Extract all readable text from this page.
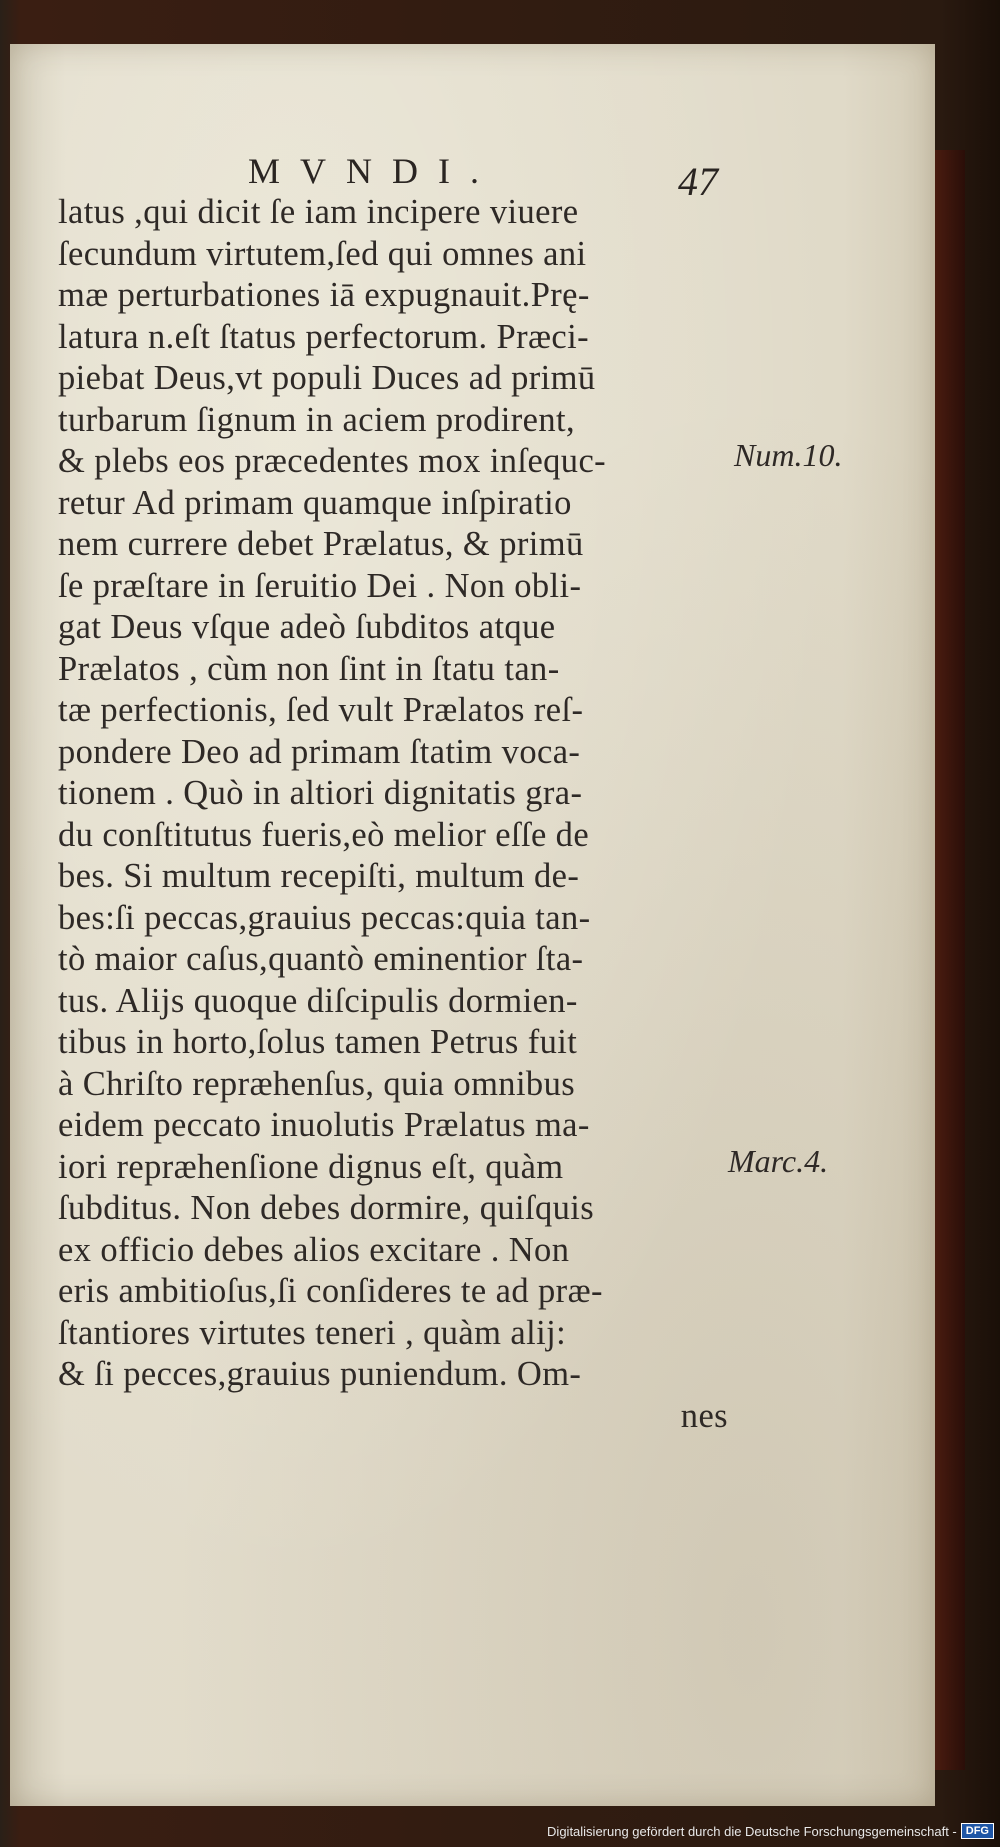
MVNDI.	47
latus ,qui dicit ſe iam incipere viuere
ſecundum virtutem,ſed qui omnes ani
mæ perturbationes iā expugnauit.Prę-
latura n.eſt ſtatus perfectorum. Præci-
piebat Deus,vt populi Duces ad primū
turbarum ſignum in aciem prodirent,
& plebs eos præcedentes mox inſequc-
retur Ad primam quamque inſpiratio
nem currere debet Prælatus, & primū
ſe præſtare in ſeruitio Dei . Non obli-
gat Deus vſque adeò ſubditos atque
Prælatos , cùm non ſint in ſtatu tan-
tæ perfectionis, ſed vult Prælatos reſ-
pondere Deo ad primam ſtatim voca-
tionem . Quò in altiori dignitatis gra-
du conſtitutus fueris,eò melior eſſe de
bes. Si multum recepiſti, multum de-
bes:ſi peccas,grauius peccas:quia tan-
tò maior caſus,quantò eminentior ſta-
tus. Alijs quoque diſcipulis dormien-
tibus in horto,ſolus tamen Petrus fuit
à Chriſto repræhenſus, quia omnibus
eidem peccato inuolutis Prælatus ma-
iori repræhenſione dignus eſt, quàm
ſubditus. Non debes dormire, quiſquis
ex officio debes alios excitare . Non
eris ambitioſus,ſi conſideres te ad præ-
ſtantiores virtutes teneri , quàm alij:
& ſi pecces,grauius puniendum. Om-
nes
Num.10.
Marc.4.
Digitalisierung gefördert durch die Deutsche Forschungsgemeinschaft - DFG
